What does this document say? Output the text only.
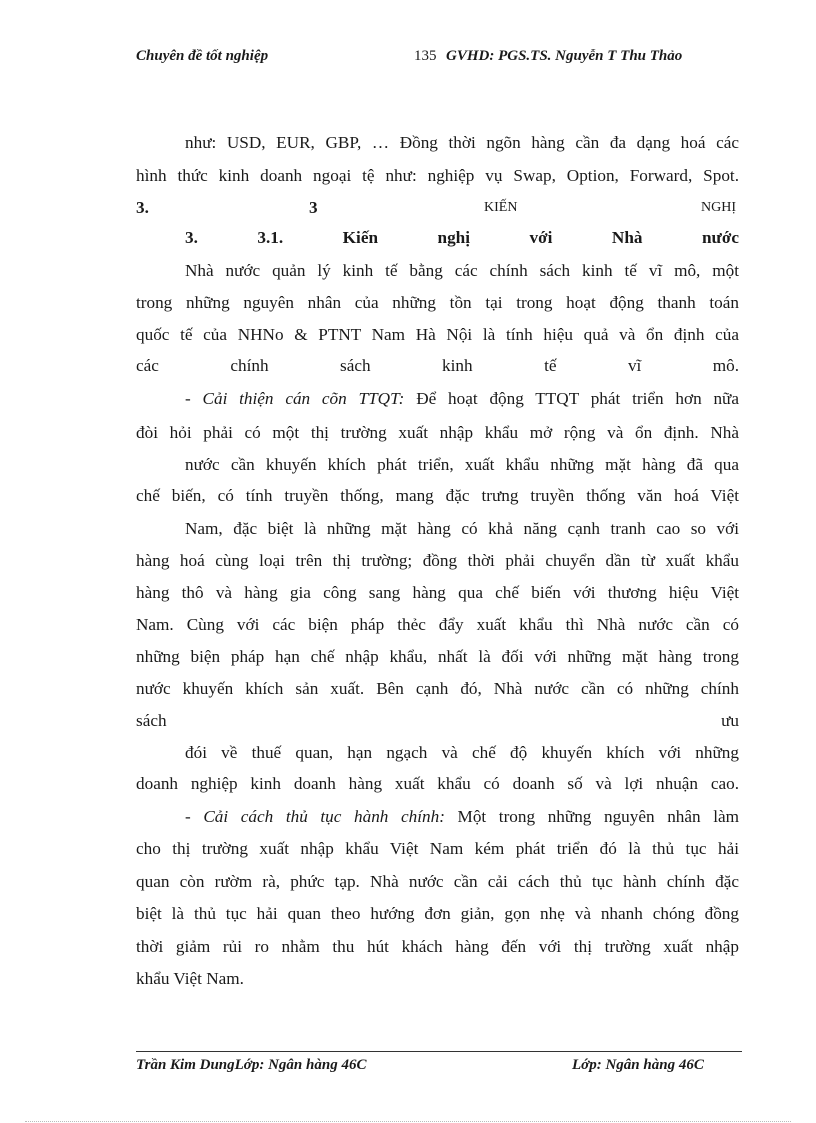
Chuyên đề tốt nghiệp	135 GVHD: PGS.TS. Nguyễn T Thu Thảo
như: USD, EUR, GBP, … Đồng thời ngõn hàng cần đa dạng hoá các
hình thức kinh doanh ngoại tệ như: nghiệp vụ Swap, Option, Forward, Spot.
3.	3	KIẾN	NGHỊ
3.	3.1.	Kiến	nghị	với	Nhà	nước
Nhà nước quản lý kinh tế bằng các chính sách kinh tế vĩ mô, một
trong những nguyên nhân của những tồn tại trong hoạt động thanh toán
quốc tế của NHNo & PTNT Nam Hà Nội là tính hiệu quả và ổn định của
các	chính	sách	kinh	tế	vĩ	mô.
- Cải thiện cán cõn TTQT: Để hoạt động TTQT phát triển hơn nữa
đòi hỏi phải có một thị trường xuất nhập khẩu mở rộng và ổn định. Nhà
nước cần khuyến khích phát triển, xuất khẩu những mặt hàng đã qua
chế biến, có tính truyền thống, mang đặc trưng truyền thống văn hoá Việt
Nam, đặc biệt là những mặt hàng có khả năng cạnh tranh cao so với
hàng hoá cùng loại trên thị trường; đồng thời phải chuyển dần từ xuất khẩu
hàng thô và hàng gia công sang hàng qua chế biến với thương hiệu Việt
Nam. Cùng với các biện pháp thẻc đẩy xuất khẩu thì Nhà nước cần có
những biện pháp hạn chế nhập khẩu, nhất là đối với những mặt hàng trong
nước khuyến khích sản xuất. Bên cạnh đó, Nhà nước cần có những chính
sách	ưu
đói về thuế quan, hạn ngạch và chế độ khuyến khích với những
doanh nghiệp kinh doanh hàng xuất khẩu có doanh số và lợi nhuận cao.
- Cải cách thủ tục hành chính: Một trong những nguyên nhân làm
cho thị trường xuất nhập khẩu Việt Nam kém phát triển đó là thủ tục hải
quan còn rườm rà, phức tạp. Nhà nước cần cải cách thủ tục hành chính đặc
biệt là thủ tục hải quan theo hướng đơn giản, gọn nhẹ và nhanh chóng đồng
thời giảm rủi ro nhằm thu hút khách hàng đến với thị trường xuất nhập
khẩu Việt Nam.
Trần Kim DungLớp: Ngân hàng 46C	Lớp: Ngân hàng 46C
